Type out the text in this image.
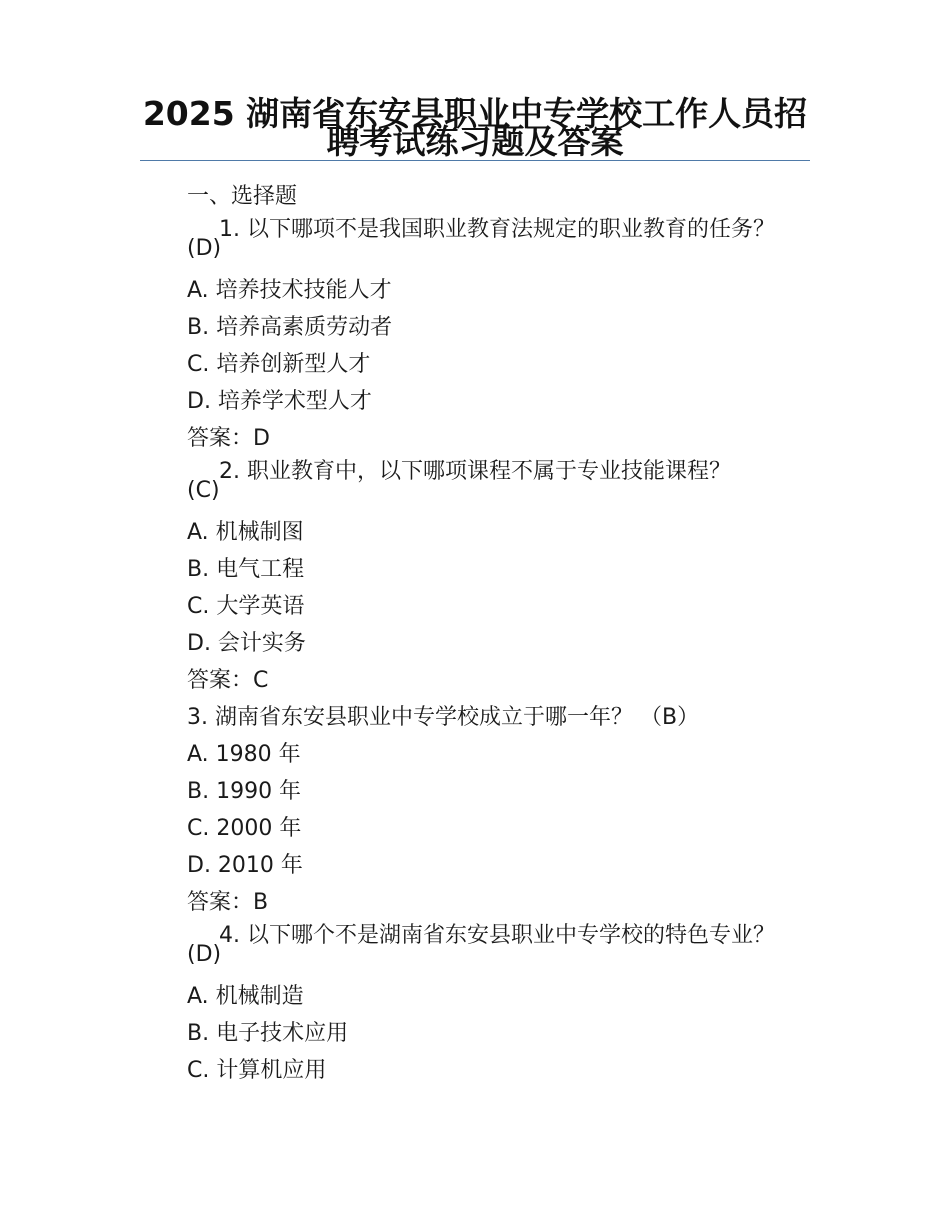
2025 湖南省东安县职业中专学校工作人员招聘考试练习题及答案
一、选择题
1. 以下哪项不是我国职业教育法规定的职业教育的任务？
(D)
A. 培养技术技能人才
B. 培养高素质劳动者
C. 培养创新型人才
D. 培养学术型人才
答案：D
2. 职业教育中，以下哪项课程不属于专业技能课程？
(C)
A. 机械制图
B. 电气工程
C. 大学英语
D. 会计实务
答案：C
3. 湖南省东安县职业中专学校成立于哪一年？ （B）
A. 1980 年
B. 1990 年
C. 2000 年
D. 2010 年
答案：B
4. 以下哪个不是湖南省东安县职业中专学校的特色专业？
(D)
A. 机械制造
B. 电子技术应用
C. 计算机应用
